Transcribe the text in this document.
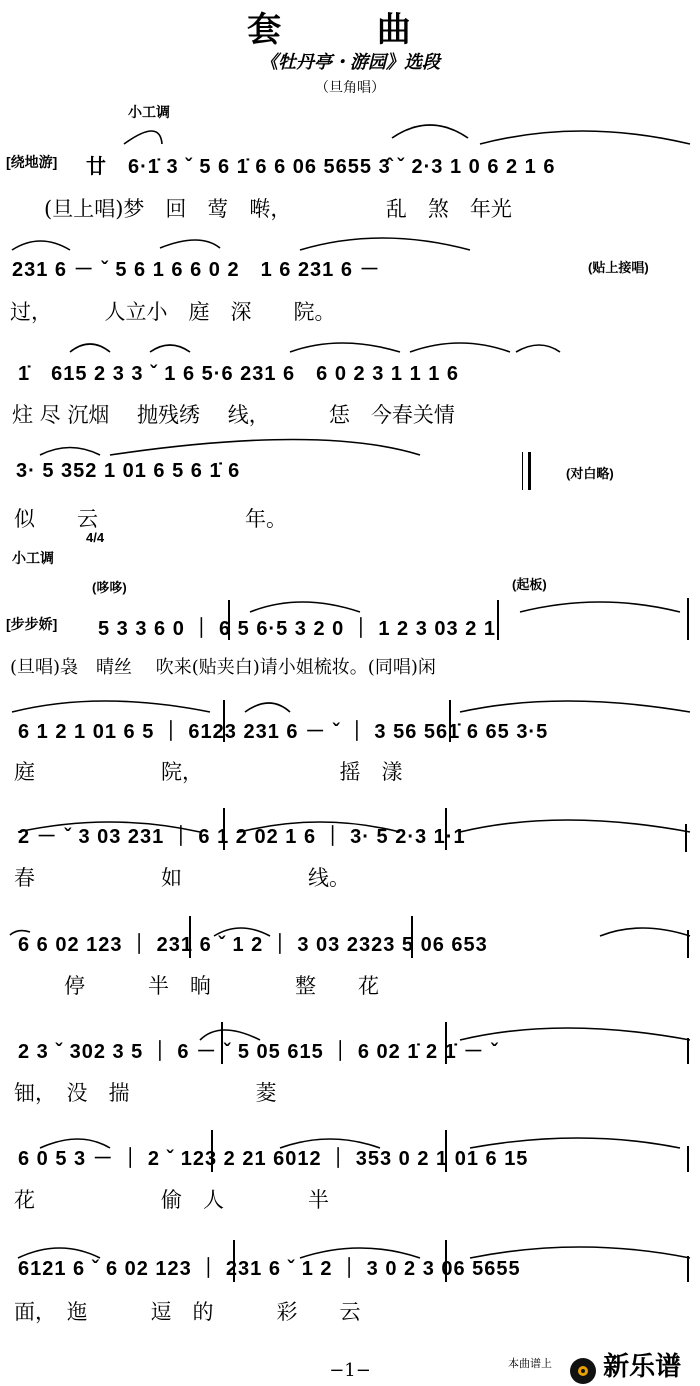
套 曲
《牡丹亭・游园》选段
（旦角唱）
小工调
[绕地游] 廿　6·1̇ 3 ˇ 5 6 1̇ 6 6 06 5655 3̂ ˇ 2·3 1 0 6 2 1 6
(旦上唱)梦　回　莺　啭，　　　　　乱　煞　年光
231 6 － ˇ 5 6 1 6 6 0 2　1 6 231 6 －	(贴上接唱)
过，　　　人立小　庭　深　　院。
1̇　615 2 3 3 ˇ 1 6 5·6 231 6　6 0 2 3 1 1 1 6
炷 尽 沉烟　 抛残绣　 线，　　　 恁　今春关情
3· 5 352 1 01 6 5 6 1̇ 6	(对白略)
似　　云　　　　　　　年。
小工调
4/4
(哆哆)	(起板)
[步步娇] 5 3 3 6 0 ｜ 6 5 6·5 3 2 0 ｜ 1 2 3 03 2 1
(旦唱)袅　晴丝　 吹来(贴夹白)请小姐梳妆。(同唱)闲
6 1 2 1 01 6 5 ｜ 6123 231 6 － ˇ ｜ 3 56 561̇ 6 65 3·5
庭　　　　　　院，　　　　　　　摇　漾
2 － ˇ 3 03 231 ｜ 6 1 2 02 1 6 ｜ 3· 5 2·3 1·1
春　　　　　　如　　　　　　线。
6 6 02 123 ｜ 231 6 ˇ 1 2 ｜ 3 03 2323 5 06 653
停　　　半　晌　　　　整　　花
2 3 ˇ 302 3 5 ｜ 6 － ˇ 5 05 615 ｜ 6 02 1̇ 2 1̇ － ˇ
钿，　没　揣　　　　　　菱
6 0 5 3 － ｜ 2 ˇ 123 2 21 6012 ｜ 353 0 2 1 01 6 15
花　　　　　　偷　人　　　　半
6121 6 ˇ 6 02 123 ｜ 231 6 ˇ 1 2 ｜ 3 0 2 3 06 5655
面，　迤　　　逗　的　　　彩　　云
−1−	本曲谱上	新乐谱
